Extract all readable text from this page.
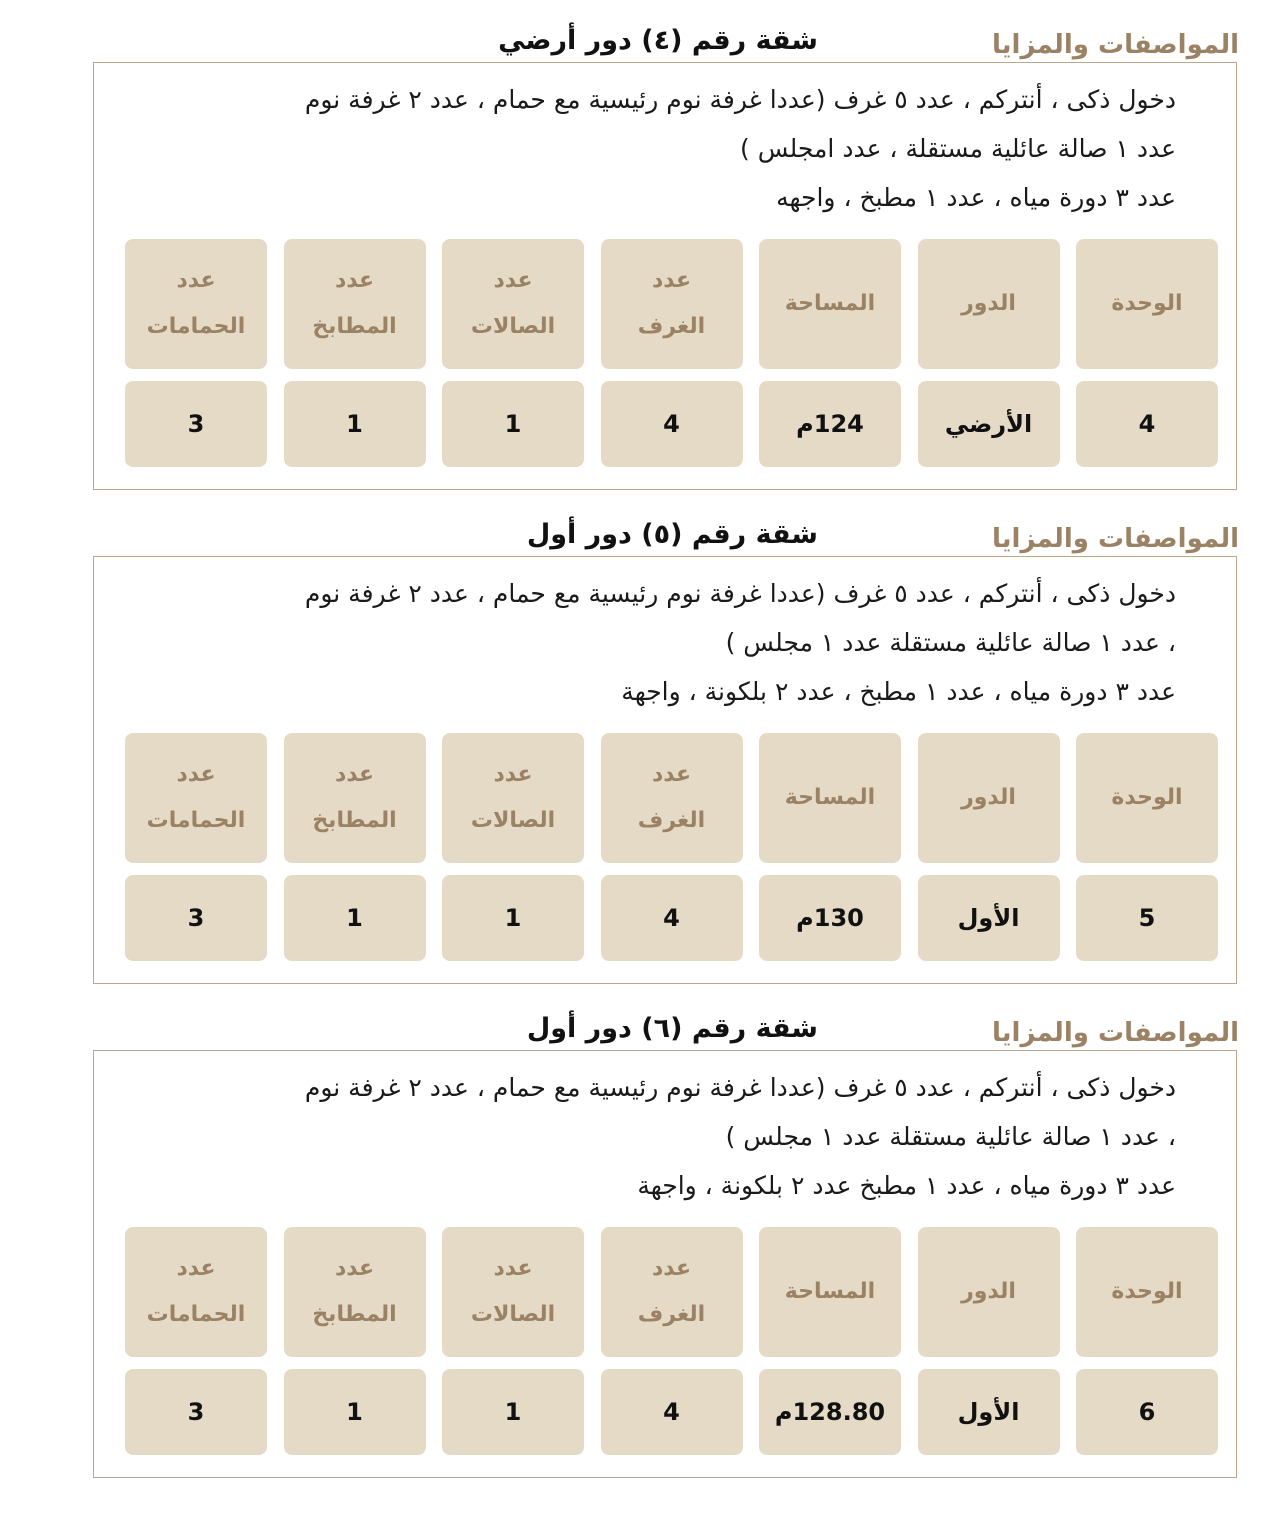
المواصفات والمزايا
شقة رقم (٤) دور أرضي
دخول ذكى ، أنتركم ، عدد ٥ غرف (عددا غرفة نوم رئيسية مع حمام ، عدد ٢ غرفة نوم
عدد ١ صالة عائلية مستقلة ، عدد امجلس )
عدد ٣ دورة مياه ، عدد ١ مطبخ ، واجهه
الوحدة
الدور
المساحة
عدد
الغرف
عدد
الصالات
عدد
المطابخ
عدد
الحمامات
4
الأرضي
124م
4
1
1
3
المواصفات والمزايا
شقة رقم (٥) دور أول
دخول ذكى ، أنتركم ، عدد ٥ غرف (عددا غرفة نوم رئيسية مع حمام ، عدد ٢ غرفة نوم
، عدد ١ صالة عائلية مستقلة عدد ١ مجلس )
عدد ٣ دورة مياه ، عدد ١ مطبخ ، عدد ٢ بلكونة ، واجهة
الوحدة
الدور
المساحة
عدد
الغرف
عدد
الصالات
عدد
المطابخ
عدد
الحمامات
5
الأول
130م
4
1
1
3
المواصفات والمزايا
شقة رقم (٦) دور أول
دخول ذكى ، أنتركم ، عدد ٥ غرف (عددا غرفة نوم رئيسية مع حمام ، عدد ٢ غرفة نوم
، عدد ١ صالة عائلية مستقلة عدد ١ مجلس )
عدد ٣ دورة مياه ، عدد ١ مطبخ عدد ٢ بلكونة ، واجهة
الوحدة
الدور
المساحة
عدد
الغرف
عدد
الصالات
عدد
المطابخ
عدد
الحمامات
6
الأول
128.80م
4
1
1
3
